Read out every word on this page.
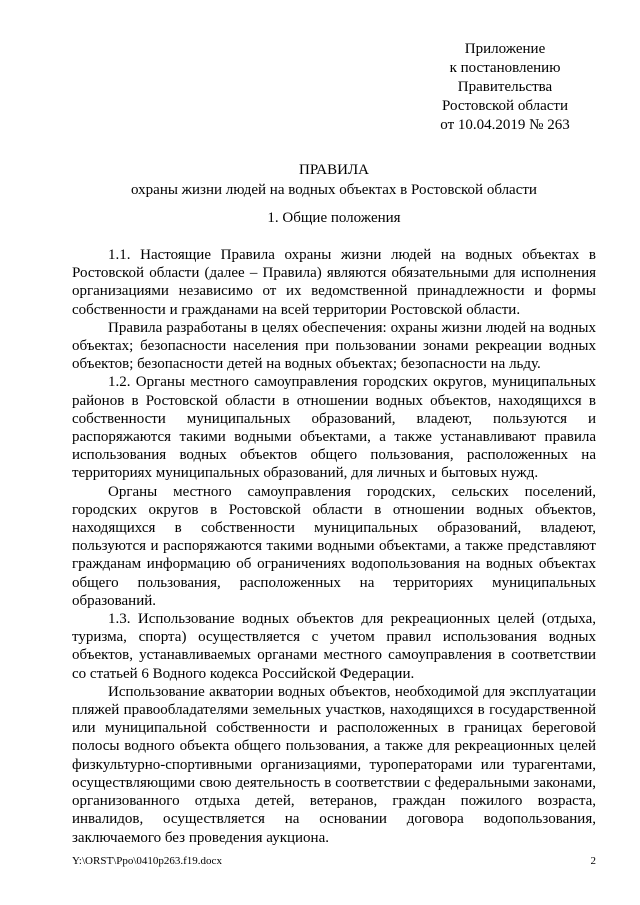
Приложение
к постановлению
Правительства
Ростовской области
от 10.04.2019 № 263
ПРАВИЛА
охраны жизни людей на водных объектах в Ростовской области
1. Общие положения

1.1. Настоящие Правила охраны жизни людей на водных объектах в Ростовской области (далее – Правила) являются обязательными для исполнения организациями независимо от их ведомственной принадлежности и формы собственности и гражданами на всей территории Ростовской области.

Правила разработаны в целях обеспечения: охраны жизни людей на водных объектах; безопасности населения при пользовании зонами рекреации водных объектов; безопасности детей на водных объектах; безопасности на льду.

1.2. Органы местного самоуправления городских округов, муниципальных районов в Ростовской области в отношении водных объектов, находящихся в собственности муниципальных образований, владеют, пользуются и распоряжаются такими водными объектами, а также устанавливают правила использования водных объектов общего пользования, расположенных на территориях муниципальных образований, для личных и бытовых нужд.

Органы местного самоуправления городских, сельских поселений, городских округов в Ростовской области в отношении водных объектов, находящихся в собственности муниципальных образований, владеют, пользуются и распоряжаются такими водными объектами, а также представляют гражданам информацию об ограничениях водопользования на водных объектах общего пользования, расположенных на территориях муниципальных образований.

1.3. Использование водных объектов для рекреационных целей (отдыха, туризма, спорта) осуществляется с учетом правил использования водных объектов, устанавливаемых органами местного самоуправления в соответствии со статьей 6 Водного кодекса Российской Федерации.

Использование акватории водных объектов, необходимой для эксплуатации пляжей правообладателями земельных участков, находящихся в государственной или муниципальной собственности и расположенных в границах береговой полосы водного объекта общего пользования, а также для рекреационных целей физкультурно-спортивными организациями, туроператорами или турагентами, осуществляющими свою деятельность в соответствии с федеральными законами, организованного отдыха детей, ветеранов, граждан пожилого возраста, инвалидов, осуществляется на основании договора водопользования, заключаемого без проведения аукциона.

Y:\ORST\Ppo\0410p263.f19.docx	2
